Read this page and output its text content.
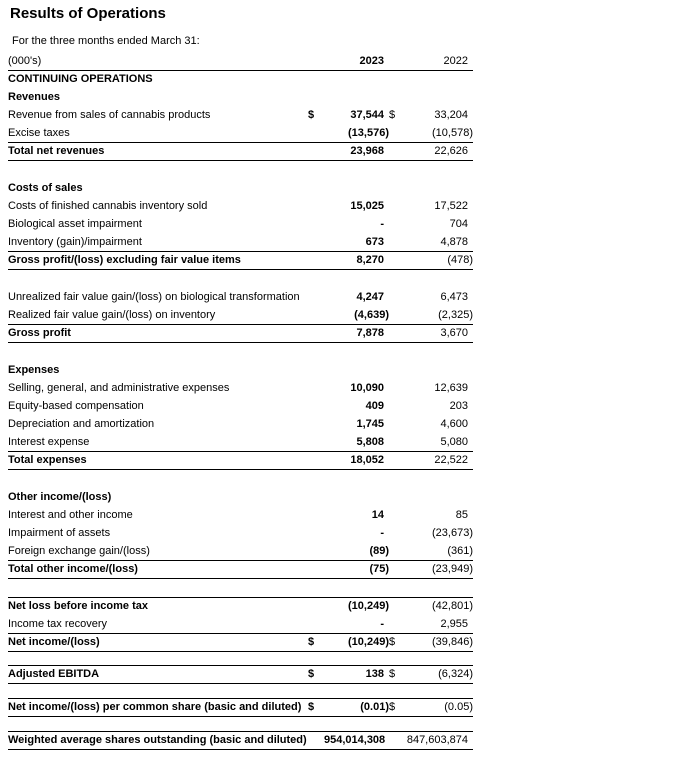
Results of Operations
For the three months ended March 31:
(000's)		2023		2022
CONTINUING OPERATIONS				
Revenues				
Revenue from sales of cannabis products	$	37,544	$	33,204
Excise taxes		(13,576)		(10,578)
Total net revenues		23,968		22,626

Costs of sales				
Costs of finished cannabis inventory sold		15,025		17,522
Biological asset impairment		-		704
Inventory (gain)/impairment		673		4,878
Gross profit/(loss) excluding fair value items		8,270		(478)

Unrealized fair value gain/(loss) on biological transformation		4,247		6,473
Realized fair value gain/(loss) on inventory		(4,639)		(2,325)
Gross profit		7,878		3,670

Expenses				
Selling, general, and administrative expenses		10,090		12,639
Equity-based compensation		409		203
Depreciation and amortization		1,745		4,600
Interest expense		5,808		5,080
Total expenses		18,052		22,522

Other income/(loss)				
Interest and other income		14		85
Impairment of assets		-		(23,673)
Foreign exchange gain/(loss)		(89)		(361)
Total other income/(loss)		(75)		(23,949)

Net loss before income tax		(10,249)		(42,801)
Income tax recovery		-		2,955
Net income/(loss)	$	(10,249)	$	(39,846)

Adjusted EBITDA	$	138	$	(6,324)

Net income/(loss) per common share (basic and diluted)	$	(0.01)	$	(0.05)

Weighted average shares outstanding (basic and diluted)		954,014,308		847,603,874
